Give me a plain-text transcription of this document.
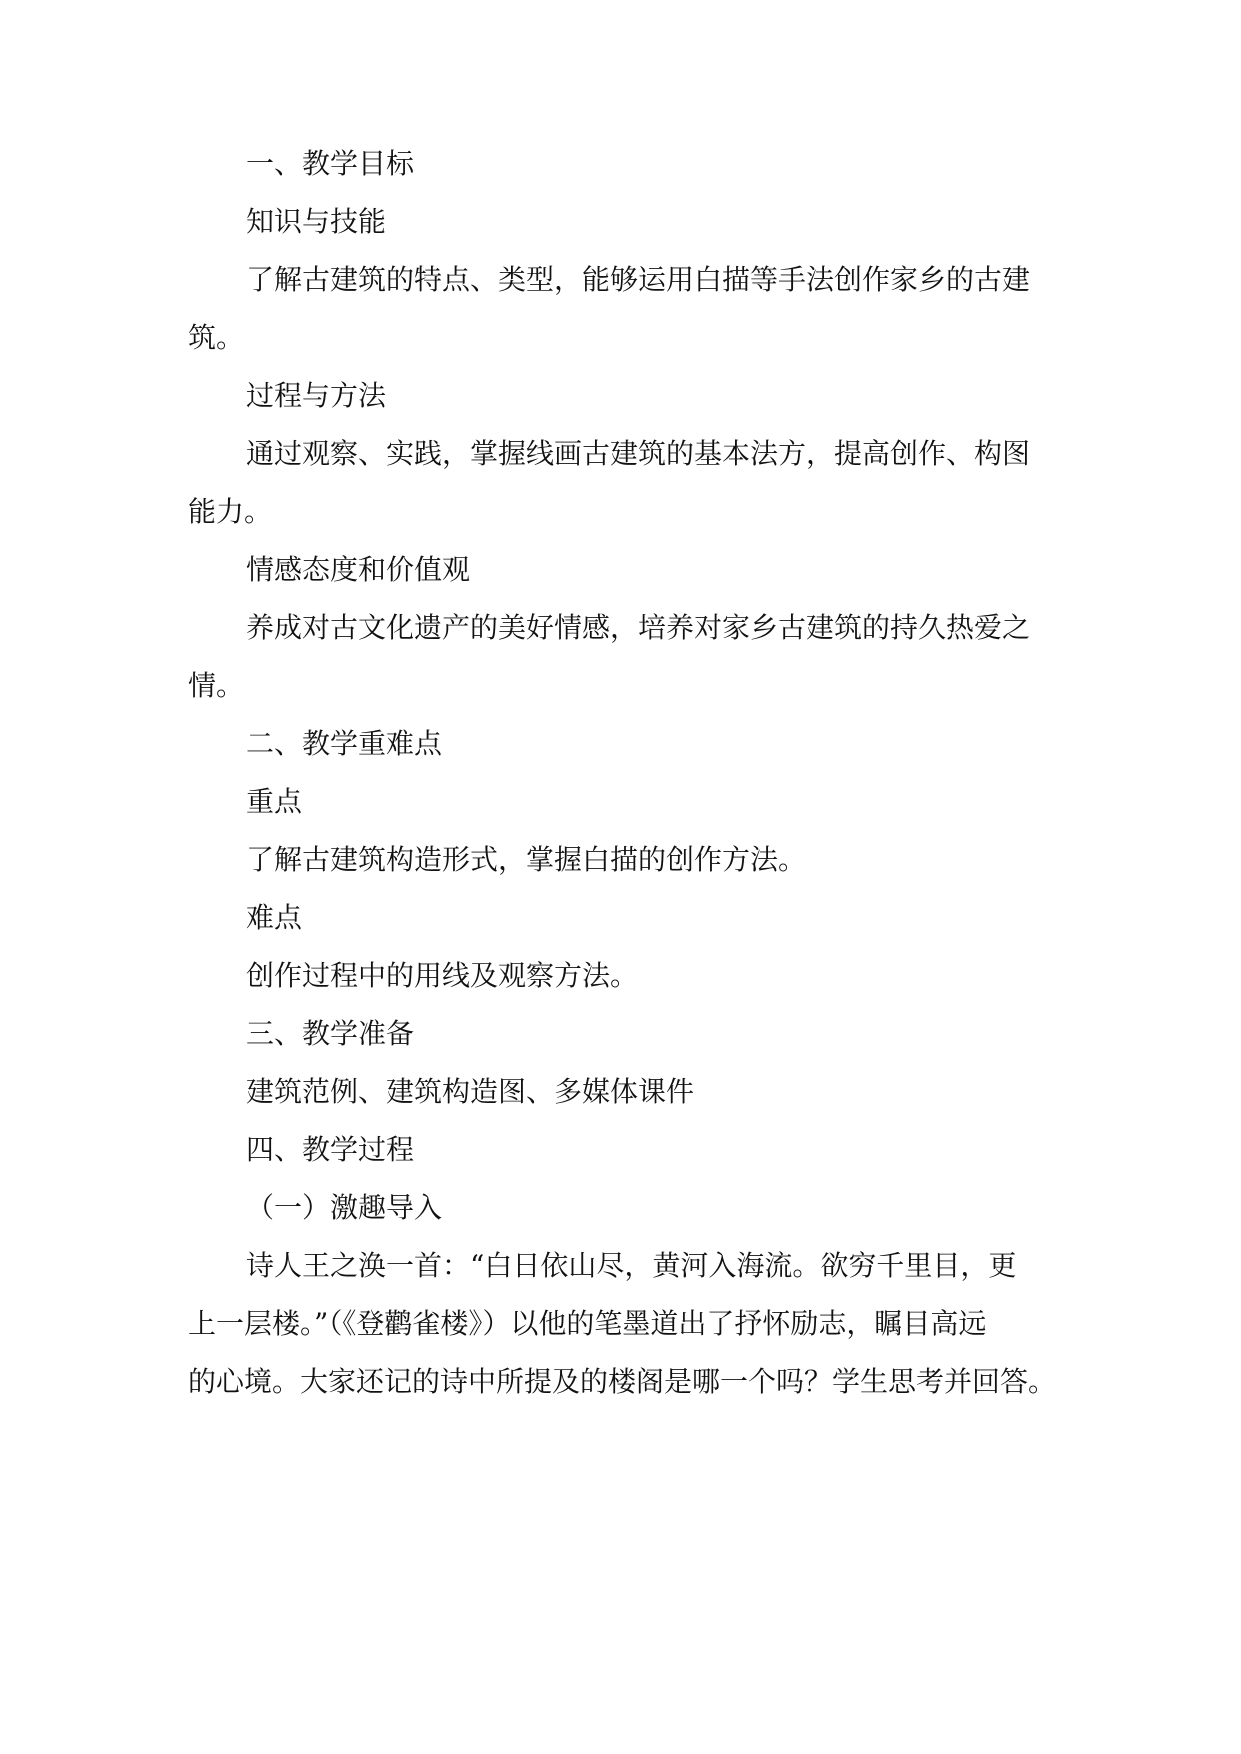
一、教学目标
知识与技能
了解古建筑的特点、类型，能够运用白描等手法创作家乡的古建
筑。
过程与方法
通过观察、实践，掌握线画古建筑的基本法方，提高创作、构图
能力。
情感态度和价值观
养成对古文化遗产的美好情感，培养对家乡古建筑的持久热爱之
情。
二、教学重难点
重点
了解古建筑构造形式，掌握白描的创作方法。
难点
创作过程中的用线及观察方法。
三、教学准备
建筑范例、建筑构造图、多媒体课件
四、教学过程
（一）激趣导入
诗人王之涣一首：“白日依山尽，黄河入海流。欲穷千里目，更
上一层楼。”（《登鹳雀楼》）以他的笔墨道出了抒怀励志，瞩目高远
的心境。大家还记的诗中所提及的楼阁是哪一个吗？学生思考并回答。
